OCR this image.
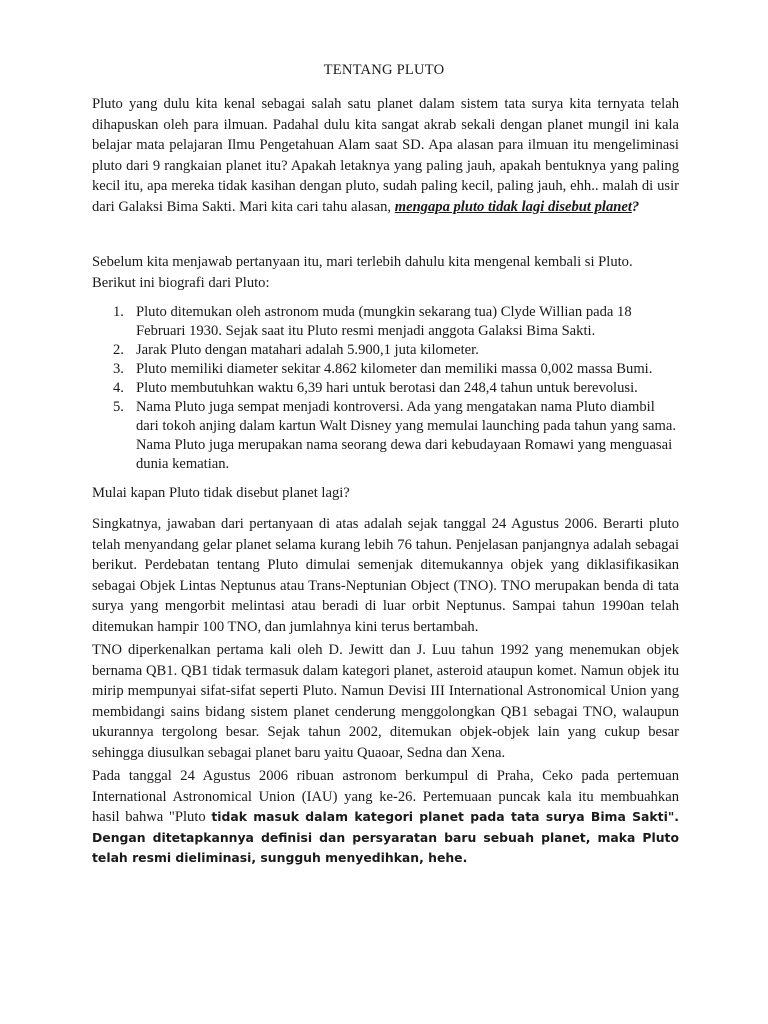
TENTANG PLUTO

Pluto yang dulu kita kenal sebagai salah satu planet dalam sistem tata surya kita ternyata telah dihapuskan oleh para ilmuan. Padahal dulu kita sangat akrab sekali dengan planet mungil ini kala belajar mata pelajaran Ilmu Pengetahuan Alam saat SD. Apa alasan para ilmuan itu mengeliminasi pluto dari 9 rangkaian planet itu? Apakah letaknya yang paling jauh, apakah bentuknya yang paling kecil itu, apa mereka tidak kasihan dengan pluto, sudah paling kecil, paling jauh, ehh.. malah di usir dari Galaksi Bima Sakti. Mari kita cari tahu alasan, mengapa pluto tidak lagi disebut planet?

Sebelum kita menjawab pertanyaan itu, mari terlebih dahulu kita mengenal kembali si Pluto. Berikut ini biografi dari Pluto:

1. Pluto ditemukan oleh astronom muda (mungkin sekarang tua) Clyde Willian pada 18 Februari 1930. Sejak saat itu Pluto resmi menjadi anggota Galaksi Bima Sakti.
2. Jarak Pluto dengan matahari adalah 5.900,1 juta kilometer.
3. Pluto memiliki diameter sekitar 4.862 kilometer dan memiliki massa 0,002 massa Bumi.
4. Pluto membutuhkan waktu 6,39 hari untuk berotasi dan 248,4 tahun untuk berevolusi.
5. Nama Pluto juga sempat menjadi kontroversi. Ada yang mengatakan nama Pluto diambil dari tokoh anjing dalam kartun Walt Disney yang memulai launching pada tahun yang sama. Nama Pluto juga merupakan nama seorang dewa dari kebudayaan Romawi yang menguasai dunia kematian.

Mulai kapan Pluto tidak disebut planet lagi?

Singkatnya, jawaban dari pertanyaan di atas adalah sejak tanggal 24 Agustus 2006. Berarti pluto telah menyandang gelar planet selama kurang lebih 76 tahun. Penjelasan panjangnya adalah sebagai berikut. Perdebatan tentang Pluto dimulai semenjak ditemukannya objek yang diklasifikasikan sebagai Objek Lintas Neptunus atau Trans-Neptunian Object (TNO). TNO merupakan benda di tata surya yang mengorbit melintasi atau beradi di luar orbit Neptunus. Sampai tahun 1990an telah ditemukan hampir 100 TNO, dan jumlahnya kini terus bertambah.

TNO diperkenalkan pertama kali oleh D. Jewitt dan J. Luu tahun 1992 yang menemukan objek bernama QB1. QB1 tidak termasuk dalam kategori planet, asteroid ataupun komet. Namun objek itu mirip mempunyai sifat-sifat seperti Pluto. Namun Devisi III International Astronomical Union yang membidangi sains bidang sistem planet cenderung menggolongkan QB1 sebagai TNO, walaupun ukurannya tergolong besar. Sejak tahun 2002, ditemukan objek-objek lain yang cukup besar sehingga diusulkan sebagai planet baru yaitu Quaoar, Sedna dan Xena.

Pada tanggal 24 Agustus 2006 ribuan astronom berkumpul di Praha, Ceko pada pertemuan International Astronomical Union (IAU) yang ke-26. Pertemuaan puncak kala itu membuahkan hasil bahwa "Pluto tidak masuk dalam kategori planet pada tata surya Bima Sakti". Dengan ditetapkannya definisi dan persyaratan baru sebuah planet, maka Pluto telah resmi dieliminasi, sungguh menyedihkan, hehe.
